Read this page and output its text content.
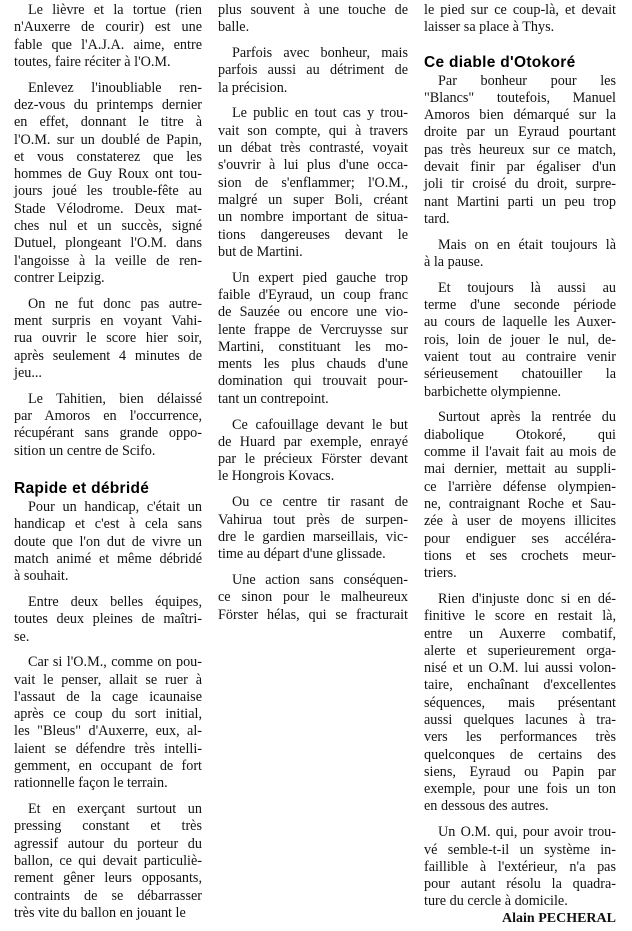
Le lièvre et la tortue (rien
n'Auxerre de courir) est une
fable que l'A.J.A. aime, entre
toutes, faire réciter à l'O.M.
Enlevez l'inoubliable ren-
dez-vous du printemps dernier
en effet, donnant le titre à
l'O.M. sur un doublé de Papin,
et vous constaterez que les
hommes de Guy Roux ont tou-
jours joué les trouble-fête au
Stade Vélodrome. Deux mat-
ches nul et un succès, signé
Dutuel, plongeant l'O.M. dans
l'angoisse à la veille de ren-
contrer Leipzig.
On ne fut donc pas autre-
ment surpris en voyant Vahi-
rua ouvrir le score hier soir,
après seulement 4 minutes de
jeu...
Le Tahitien, bien délaissé
par Amoros en l'occurrence,
récupérant sans grande oppo-
sition un centre de Scifo.
Rapide et débridé
Pour un handicap, c'était un
handicap et c'est à cela sans
doute que l'on dut de vivre un
match animé et même débridé
à souhait.
Entre deux belles équipes,
toutes deux pleines de maîtri-
se.
Car si l'O.M., comme on pou-
vait le penser, allait se ruer à
l'assaut de la cage icaunaise
après ce coup du sort initial,
les "Bleus" d'Auxerre, eux, al-
laient se défendre très intelli-
gemment, en occupant de fort
rationnelle façon le terrain.
Et en exerçant surtout un
pressing constant et très
agressif autour du porteur du
ballon, ce qui devait particuliè-
rement gêner leurs opposants,
contraints de se débarrasser
très vite du ballon en jouant le
plus souvent à une touche de
balle.
Parfois avec bonheur, mais
parfois aussi au détriment de
la précision.
Le public en tout cas y trou-
vait son compte, qui à travers
un débat très contrasté, voyait
s'ouvrir à lui plus d'une occa-
sion de s'enflammer; l'O.M.,
malgré un super Boli, créant
un nombre important de situa-
tions dangereuses devant le
but de Martini.
Un expert pied gauche trop
faible d'Eyraud, un coup franc
de Sauzée ou encore une vio-
lente frappe de Vercruysse sur
Martini, constituant les mo-
ments les plus chauds d'une
domination qui trouvait pour-
tant un contrepoint.
Ce cafouillage devant le but
de Huard par exemple, enrayé
par le précieux Förster devant
le Hongrois Kovacs.
Ou ce centre tir rasant de
Vahirua tout près de surpen-
dre le gardien marseillais, vic-
time au départ d'une glissade.
Une action sans conséquen-
ce sinon pour le malheureux
Förster hélas, qui se fracturait
le pied sur ce coup-là, et devait
laisser sa place à Thys.
Ce diable d'Otokoré
Par bonheur pour les
"Blancs" toutefois, Manuel
Amoros bien démarqué sur la
droite par un Eyraud pourtant
pas très heureux sur ce match,
devait finir par égaliser d'un
joli tir croisé du droit, surpre-
nant Martini parti un peu trop
tard.
Mais on en était toujours là
à la pause.
Et toujours là aussi au
terme d'une seconde période
au cours de laquelle les Auxer-
rois, loin de jouer le nul, de-
vaient tout au contraire venir
sérieusement chatouiller la
barbichette olympienne.
Surtout après la rentrée du
diabolique Otokoré, qui
comme il l'avait fait au mois de
mai dernier, mettait au suppli-
ce l'arrière défense olympien-
ne, contraignant Roche et Sau-
zée à user de moyens illicites
pour endiguer ses accéléra-
tions et ses crochets meur-
triers.
Rien d'injuste donc si en dé-
finitive le score en restait là,
entre un Auxerre combatif,
alerte et superieurement orga-
nisé et un O.M. lui aussi volon-
taire, enchaînant d'excellentes
séquences, mais présentant
aussi quelques lacunes à tra-
vers les performances très
quelconques de certains des
siens, Eyraud ou Papin par
exemple, pour une fois un ton
en dessous des autres.
Un O.M. qui, pour avoir trou-
vé semble-t-il un système in-
faillible à l'extérieur, n'a pas
pour autant résolu la quadra-
ture du cercle à domicile.

Alain PECHERAL
